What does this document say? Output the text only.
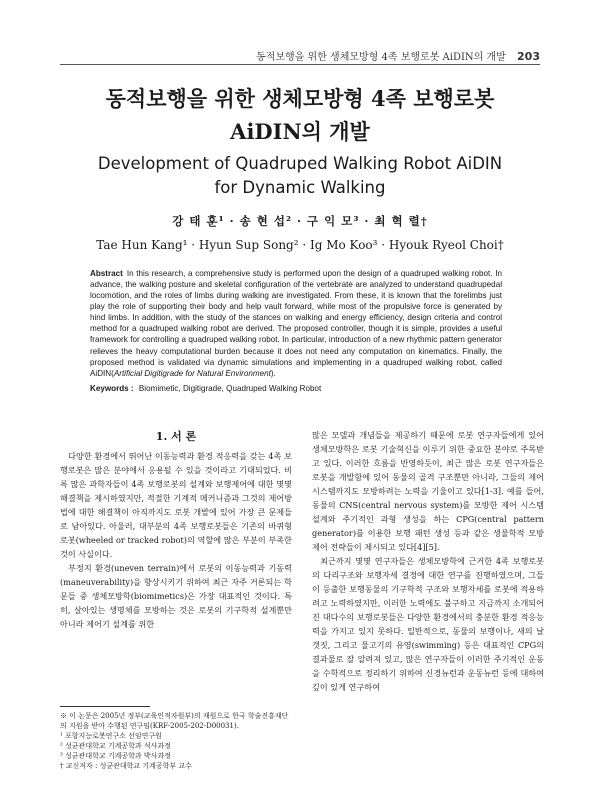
동적보행을 위한 생체모방형 4족 보행로봇 AiDIN의 개발 203
동적보행을 위한 생체모방형 4족 보행로봇
AiDIN의 개발
Development of Quadruped Walking Robot AiDIN
for Dynamic Walking
강 태 훈¹ · 송 현 섭² · 구 익 모³ · 최 혁 렬†
Tae Hun Kang¹ · Hyun Sup Song² · Ig Mo Koo³ · Hyouk Ryeol Choi†
Abstract In this research, a comprehensive study is performed upon the design of a quadruped walking robot. In advance, the walking posture and skeletal configuration of the vertebrate are analyzed to understand quadrupedal locomotion, and the roles of limbs during walking are investigated. From these, it is known that the forelimbs just play the role of supporting their body and help vault forward, while most of the propulsive force is generated by hind limbs. In addition, with the study of the stances on walking and energy efficiency, design criteria and control method for a quadruped walking robot are derived. The proposed controller, though it is simple, provides a useful framework for controlling a quadruped walking robot. In particular, introduction of a new rhythmic pattern generator relieves the heavy computational burden because it does not need any computation on kinematics. Finally, the proposed method is validated via dynamic simulations and implementing in a quadruped walking robot, called AiDIN(Artificial Digitigrade for Natural Environment).
Keywords : Biomimetic, Digitigrade, Quadruped Walking Robot
1. 서 론

다양한 환경에서 뛰어난 이동능력과 환경 적응력을 갖는 4족 보행로봇은 많은 분야에서 응용될 수 있을 것이라고 기대되었다. 비록 많은 과학자들이 4족 보행로봇의 설계와 보행제어에 대한 몇몇 해결책을 제시하였지만, 적절한 기계적 메커니즘과 그것의 제어방법에 대한 해결책이 아직까지도 로봇 개발에 있어 가장 큰 문제들로 남아있다. 아울러, 대부분의 4족 보행로봇들은 기존의 바퀴형 로봇(wheeled or tracked robot)의 역할에 많은 부분이 부족한 것이 사실이다.

부정지 환경(uneven terrain)에서 로봇의 이동능력과 기동력(maneuverability)을 향상시키기 위하여 최근 자주 거론되는 학문들 중 생체모방학(biomimetics)은 가장 대표적인 것이다. 특히, 살아있는 생명체를 모방하는 것은 로봇의 기구학적 설계뿐만 아니라 제어기 설계를 위한

많은 모델과 개념들을 제공하기 때문에 로봇 연구자들에게 있어 생체모방학은 로봇 기술혁신을 이루기 위한 중요한 분야로 주목받고 있다. 이러한 흐름을 반영하듯이, 최근 많은 로봇 연구자들은 로봇을 개발함에 있어 동물의 골격 구조뿐만 아니라, 그들의 제어 시스템까지도 모방하려는 노력을 기울이고 있다[1-3]. 예를 들어, 동물의 CNS(central nervous system)를 모방한 제어 시스템 설계와 주기적인 과형 생성을 하는 CPG(central pattern generator)를 이용한 보행 패턴 생성 등과 같은 생물학적 모방 제어 전략들이 제시되고 있다[4][5].

최근까지 몇몇 연구자들은 생체모방학에 근거한 4족 보행로봇의 다리구조와 보행자세 결정에 대한 연구를 진행하였으며, 그들이 등출한 보행동물의 기구학적 구조와 보행자세를 로봇에 적용하려고 노력하였지만, 이러한 노력에도 불구하고 지금까지 소개되어진 대다수의 보행로봇들은 다양한 환경에서의 충분한 환경 적응능력을 가지고 있지 못하다. 일반적으로, 동물의 보행이나, 새의 날갯짓, 그리고 물고기의 유영(swimming) 등은 대표적인 CPG의 결과물로 잘 알려져 있고, 많은 연구자들이 이러한 주기적인 운동을 수학적으로 정리하기 위하여 신경뉴런과 운동뉴런 등에 대하여 깊이 있게 연구하여

※ 이 논문은 2005년 정부(교육인적자원부)의 재원으로 한국 학술진흥재단의 지원을 받아 수행된 연구임(KRF-2005-202-D00031).
¹ 포항지능로봇연구소 선임연구원
² 성균관대학교 기계공학과 석사과정
³ 성균관대학교 기계공학과 박사과정
† 교신저자 : 성균관대학교 기계공학부 교수
